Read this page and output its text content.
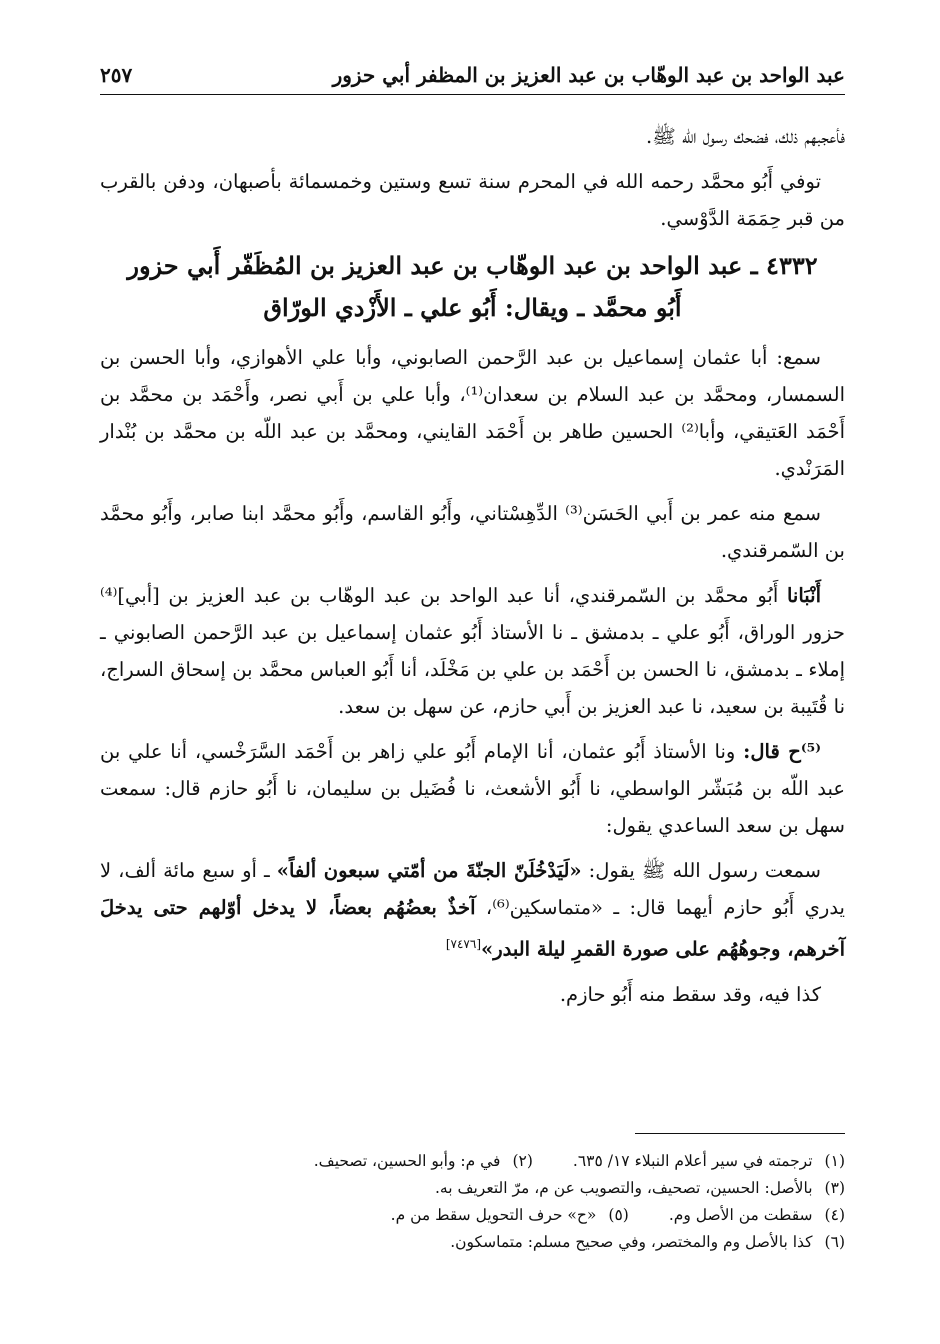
عبد الواحد بن عبد الوهّاب بن عبد العزيز بن المظفر أبي حزور
٢٥٧

فأعجبهم ذلك، فضحك رسول الله ﷺ.

توفي أَبُو محمَّد رحمه الله في المحرم سنة تسع وستين وخمسمائة بأصبهان، ودفن بالقرب من قبر حِمَمَة الدَّوْسي.

٤٣٣٢ ـ عبد الواحد بن عبد الوهّاب بن عبد العزيز بن المُظَفّر أَبي حزور
أَبُو محمَّد ـ ويقال: أَبُو علي ـ الأَزْدي الورّاق

سمع: أبا عثمان إسماعيل بن عبد الرَّحمن الصابوني، وأبا علي الأهوازي، وأبا الحسن بن السمسار، ومحمَّد بن عبد السلام بن سعدان⁽¹⁾، وأبا علي بن أَبي نصر، وأَحْمَد بن محمَّد بن أَحْمَد العَتيقي، وأبا⁽²⁾ الحسين طاهر بن أَحْمَد القايني، ومحمَّد بن عبد اللّه بن محمَّد بن بُنْدار المَرَنْدي.

سمع منه عمر بن أَبي الحَسَن⁽³⁾ الدِّهِسْتاني، وأَبُو القاسم، وأَبُو محمَّد ابنا صابر، وأَبُو محمَّد بن السّمرقندي.

أَنْبَانا أَبُو محمَّد بن السّمرقندي، أنا عبد الواحد بن عبد الوهّاب بن عبد العزيز بن [أبي]⁽⁴⁾ حزور الوراق، أَبُو علي ـ بدمشق ـ نا الأستاذ أَبُو عثمان إسماعيل بن عبد الرَّحمن الصابوني ـ إملاء ـ بدمشق، نا الحسن بن أَحْمَد بن علي بن مَخْلَد، أنا أَبُو العباس محمَّد بن إسحاق السراج، نا قُتَيبة بن سعيد، نا عبد العزيز بن أَبي حازم، عن سهل بن سعد.

⁽⁵⁾ح قال: ونا الأستاذ أَبُو عثمان، أنا الإمام أَبُو علي زاهر بن أَحْمَد السَّرَخْسي، أنا علي بن عبد اللّه بن مُبَشّر الواسطي، نا أَبُو الأشعث، نا فُضَيل بن سليمان، نا أَبُو حازم قال: سمعت سهل بن سعد الساعدي يقول:

سمعت رسول الله ﷺ يقول: «لَيَدْخُلَنّ الجنّةَ من أمّتي سبعون ألفاً» ـ أو سبع مائة ألف، لا يدري أَبُو حازم أيهما قال: ـ «متماسكين⁽⁶⁾، آخذٌ بعضُهُم بعضاً، لا يدخل أوّلهم حتى يدخلَ آخرهم، وجوهُهُم على صورة القمرِ ليلة البدر»[٧٤٧٦]

كذا فيه، وقد سقط منه أَبُو حازم.

(١)ترجمته في سير أعلام النبلاء ١٧/ ٦٣٥.
(٢)في م: وأبو الحسين، تصحيف.
(٣)بالأصل: الحسين، تصحيف، والتصويب عن م، مرّ التعريف به.
(٤)سقطت من الأصل وم.
(٥)«ح» حرف التحويل سقط من م.
(٦)كذا بالأصل وم والمختصر، وفي صحيح مسلم: متماسكون.
